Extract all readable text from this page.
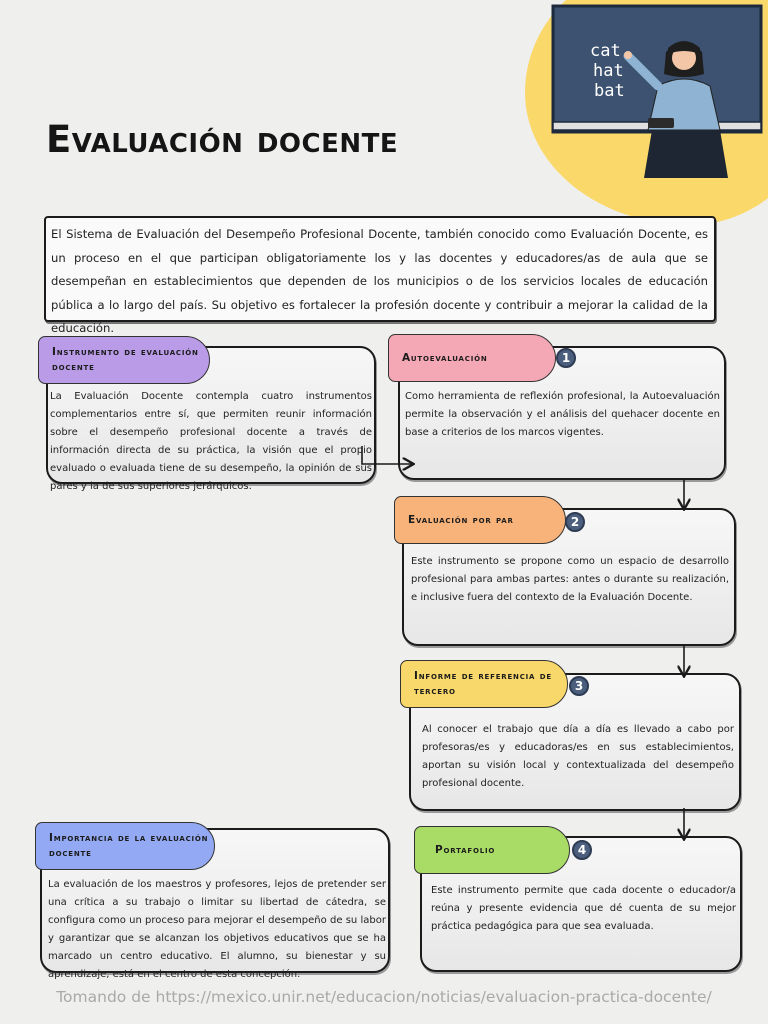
cat
hat
bat
Evaluación docente
El Sistema de Evaluación del Desempeño Profesional Docente, también conocido como Evaluación Docente, es un proceso en el que participan obligatoriamente los y las docentes y educadores/as de aula que se desempeñan en establecimientos que dependen de los municipios o de los servicios locales de educación pública a lo largo del país. Su objetivo es fortalecer la profesión docente y contribuir a mejorar la calidad de la educación.
La Evaluación Docente contempla cuatro instrumentos complementarios entre sí, que permiten reunir información sobre el desempeño profesional docente a través de información directa de su práctica, la visión que el propio evaluado o evaluada tiene de su desempeño, la opinión de sus pares y la de sus superiores jerárquicos.
Instrumento de evaluación docente
La evaluación de los maestros y profesores, lejos de pretender ser una crítica a su trabajo o limitar su libertad de cátedra, se configura como un proceso para mejorar el desempeño de su labor y garantizar que se alcanzan los objetivos educativos que se ha marcado un centro educativo. El alumno, su bienestar y su aprendizaje, está en el centro de esta concepción.
Importancia de la evaluación docente
Como herramienta de reflexión profesional, la Autoevaluación permite la observación y el análisis del quehacer docente en base a criterios de los marcos vigentes.
Autoevaluación	1
Este instrumento se propone como un espacio de desarrollo profesional para ambas partes: antes o durante su realización, e inclusive fuera del contexto de la Evaluación Docente.
Evaluación por par	2
Al conocer el trabajo que día a día es llevado a cabo por profesoras/es y educadoras/es en sus establecimientos, aportan su visión local y contextualizada del desempeño profesional docente.
Informe de referencia de tercero	3
Este instrumento permite que cada docente o educador/a reúna y presente evidencia que dé cuenta de su mejor práctica pedagógica para que sea evaluada.
Portafolio	4
Tomando de https://mexico.unir.net/educacion/noticias/evaluacion-practica-docente/
